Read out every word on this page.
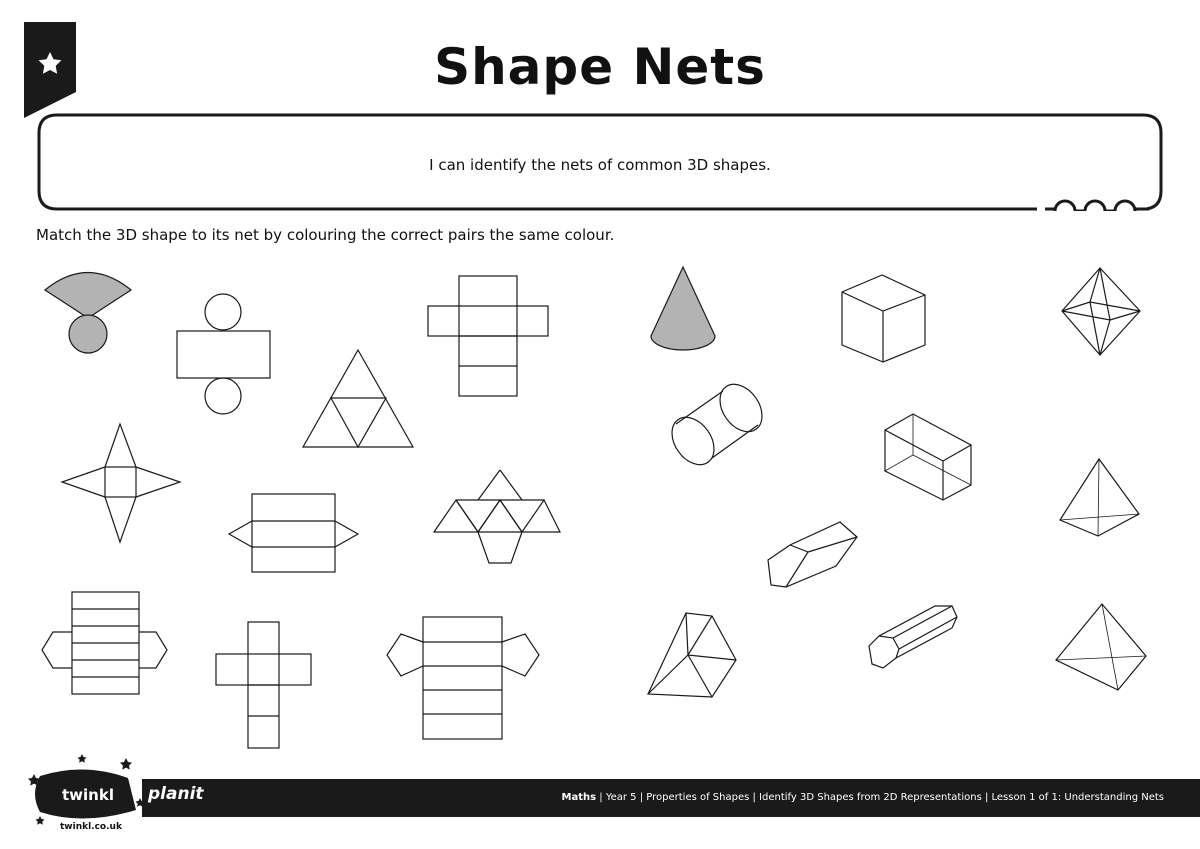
Shape Nets
I can identify the nets of common 3D shapes.
Match the 3D shape to its net by colouring the correct pairs the same colour.
planit	Maths | Year 5 | Properties of Shapes | Identify 3D Shapes from 2D Representations | Lesson 1 of 1: Understanding Nets
twinkl
twinkl.co.uk
